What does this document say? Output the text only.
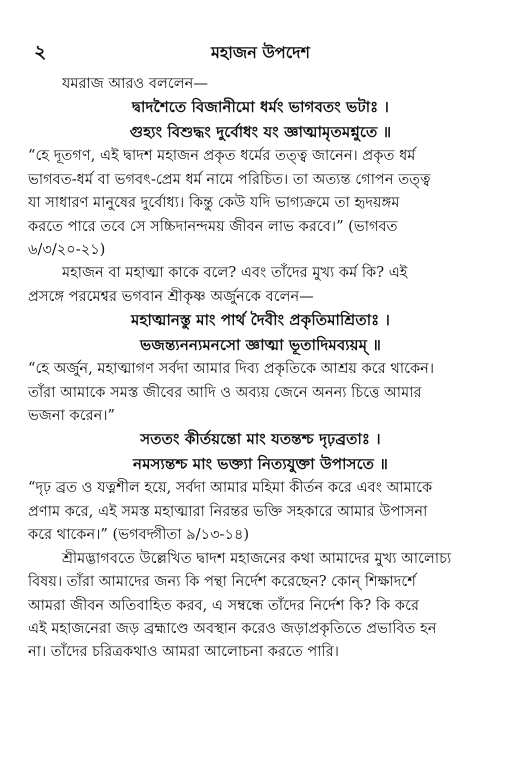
২	মহাজন উপদেশ

যমরাজ আরও বললেন—

দ্বাদশৈতে বিজানীমো ধর্মং ভাগবতং ভটাঃ ।
গুহ্যং বিশুদ্ধং দুর্বোধং যং জ্ঞাত্মামৃতমশ্নুতে ॥

“হে দূতগণ, এই দ্বাদশ মহাজন প্রকৃত ধর্মের তত্ত্ব জানেন। প্রকৃত ধর্ম
ভাগবত-ধর্ম বা ভগবৎ-প্রেম ধর্ম নামে পরিচিত। তা অত্যন্ত গোপন তত্ত্ব
যা সাধারণ মানুষের দুর্বোধ্য। কিন্তু কেউ যদি ভাগ্যক্রমে তা হৃদয়ঙ্গম
করতে পারে তবে সে সচ্চিদানন্দময় জীবন লাভ করবে।” (ভাগবত
৬/৩/২০-২১)

মহাজন বা মহাত্মা কাকে বলে? এবং তাঁদের মুখ্য কর্ম কি? এই
প্রসঙ্গে পরমেশ্বর ভগবান শ্রীকৃষ্ণ অর্জুনকে বলেন—

মহাত্মানস্তু মাং পার্থ দৈবীং প্রকৃতিমাশ্রিতাঃ ।
ভজন্ত্যনন্যমনসো জ্ঞাত্মা ভূতাদিমব্যয়ম্ ॥

“হে অর্জুন, মহাত্মাগণ সর্বদা আমার দিব্য প্রকৃতিকে আশ্রয় করে থাকেন।
তাঁরা আমাকে সমস্ত জীবের আদি ও অব্যয় জেনে অনন্য চিত্তে আমার
ভজনা করেন।”

সততং কীর্তয়ন্তো মাং যতন্তশ্চ দৃঢ়ব্রতাঃ ।
নমস্যন্তশ্চ মাং ভক্ত্যা নিত্যযুক্তা উপাসতে ॥

“দৃঢ় ব্রত ও যত্নশীল হয়ে, সর্বদা আমার মহিমা কীর্তন করে এবং আমাকে
প্রণাম করে, এই সমস্ত মহাত্মারা নিরন্তর ভক্তি সহকারে আমার উপাসনা
করে থাকেন।” (ভগবদ্গীতা ৯/১৩-১৪)

শ্রীমদ্ভাগবতে উল্লেখিত দ্বাদশ মহাজনের কথা আমাদের মুখ্য আলোচ্য
বিষয়। তাঁরা আমাদের জন্য কি পন্থা নির্দেশ করেছেন? কোন্ শিক্ষাদর্শে
আমরা জীবন অতিবাহিত করব, এ সম্বন্ধে তাঁদের নির্দেশ কি? কি করে
এই মহাজনেরা জড় ব্রহ্মাণ্ডে অবস্থান করেও জড়াপ্রকৃতিতে প্রভাবিত হন
না। তাঁদের চরিত্রকথাও আমরা আলোচনা করতে পারি।
